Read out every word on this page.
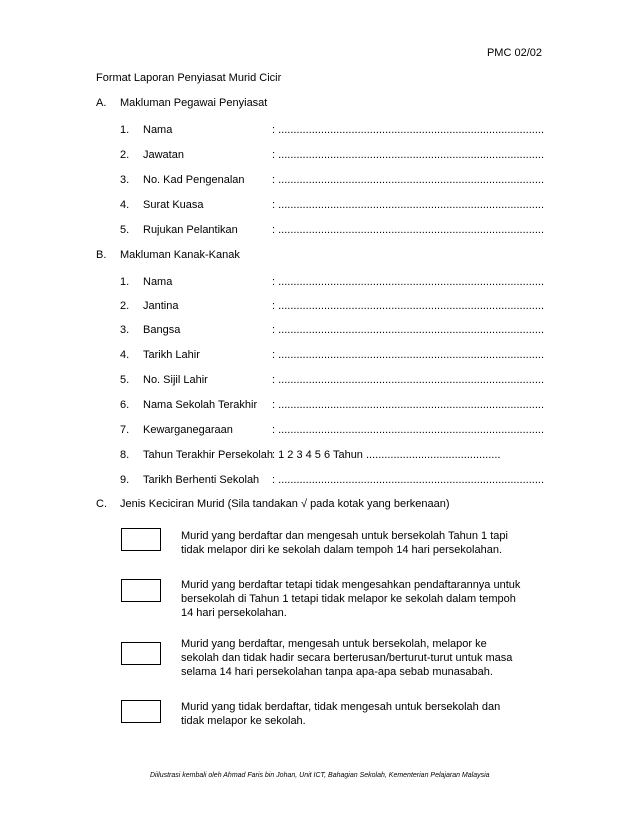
PMC 02/02
Format Laporan Penyiasat Murid Cicir
A. Makluman Pegawai Penyiasat
1. Nama	: .......................................................................................
2. Jawatan	: .......................................................................................
3. No. Kad Pengenalan : .......................................................................................
4. Surat Kuasa	: .......................................................................................
5. Rujukan Pelantikan	: .......................................................................................
B. Makluman Kanak-Kanak
1. Nama	: .......................................................................................
2. Jantina	: .......................................................................................
3. Bangsa	: .......................................................................................
4. Tarikh Lahir	: .......................................................................................
5. No. Sijil Lahir	: .......................................................................................
6. Nama Sekolah Terakhir : .......................................................................................
7. Kewarganegaraan	: .......................................................................................
8. Tahun Terakhir Persekolah
: 1 2 3 4 5 6 Tahun ............................................
9. Tarikh Berhenti Sekolah : .......................................................................................
C. Jenis Keciciran Murid (Sila tandakan √ pada kotak yang berkenaan)
Murid yang berdaftar dan mengesah untuk bersekolah Tahun 1 tapi tidak melapor diri ke sekolah dalam tempoh 14 hari persekolahan.
Murid yang berdaftar tetapi tidak mengesahkan pendaftarannya untuk bersekolah di Tahun 1 tetapi tidak melapor ke sekolah dalam tempoh 14 hari persekolahan.
Murid yang berdaftar, mengesah untuk bersekolah, melapor ke sekolah dan tidak hadir secara berterusan/berturut-turut untuk masa selama 14 hari persekolahan tanpa apa-apa sebab munasabah.
Murid yang tidak berdaftar, tidak mengesah untuk bersekolah dan tidak melapor ke sekolah.
Diilustrasi kembali oleh Ahmad Faris bin Johan, Unit ICT, Bahagian Sekolah, Kementerian Pelajaran Malaysia
